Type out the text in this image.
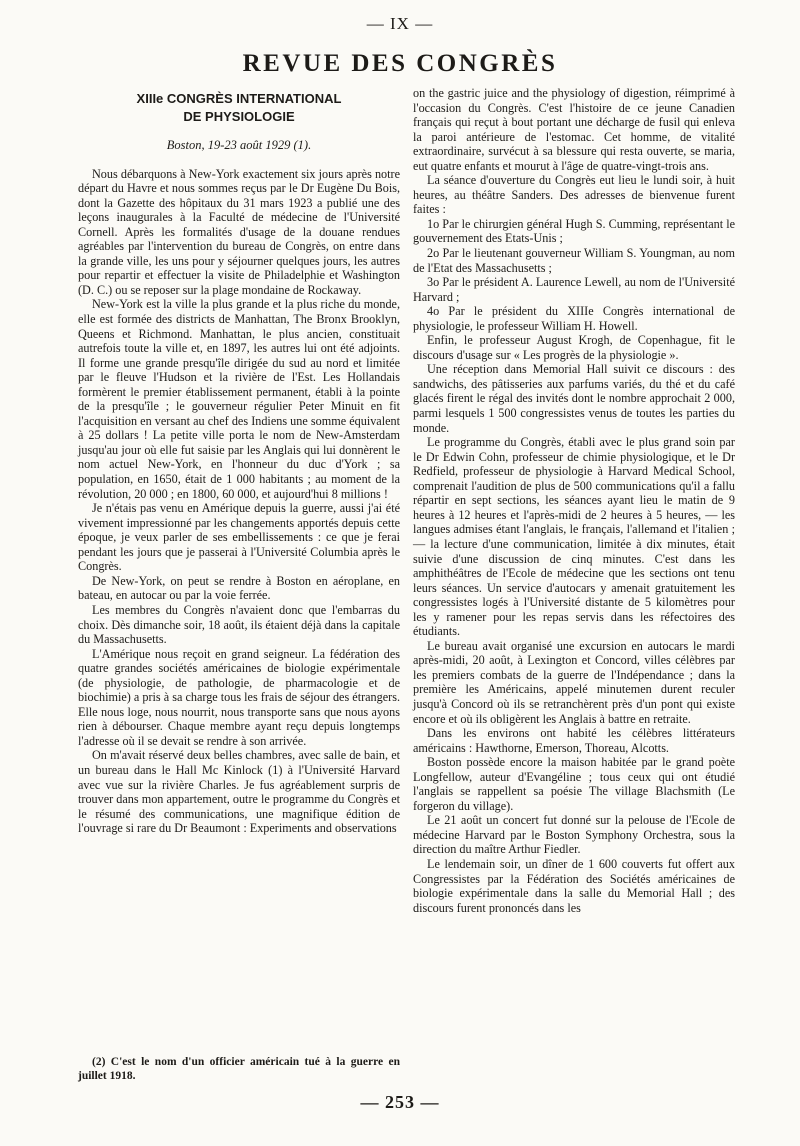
— IX —
REVUE DES CONGRÈS
XIIIe CONGRÈS INTERNATIONAL
DE PHYSIOLOGIE
Boston, 19-23 août 1929 (1).

Nous débarquons à New-York exactement six jours après notre départ du Havre et nous sommes reçus par le Dr Eugène Du Bois, dont la Gazette des hôpitaux du 31 mars 1923 a publié une des leçons inaugurales à la Faculté de médecine de l'Université Cornell. Après les formalités d'usage de la douane rendues agréables par l'intervention du bureau de Congrès, on entre dans la grande ville, les uns pour y séjourner quelques jours, les autres pour repartir et effectuer la visite de Philadelphie et Washington (D. C.) ou se reposer sur la plage mondaine de Rockaway.

New-York est la ville la plus grande et la plus riche du monde, elle est formée des districts de Manhattan, The Bronx Brooklyn, Queens et Richmond. Manhattan, le plus ancien, constituait autrefois toute la ville et, en 1897, les autres lui ont été adjoints. Il forme une grande presqu'île dirigée du sud au nord et limitée par le fleuve l'Hudson et la rivière de l'Est. Les Hollandais formèrent le premier établissement permanent, établi à la pointe de la presqu'île ; le gouverneur régulier Peter Minuit en fit l'acquisition en versant au chef des Indiens une somme équivalent à 25 dollars ! La petite ville porta le nom de New-Amsterdam jusqu'au jour où elle fut saisie par les Anglais qui lui donnèrent le nom actuel New-York, en l'honneur du duc d'York ; sa population, en 1650, était de 1 000 habitants ; au moment de la révolution, 20 000 ; en 1800, 60 000, et aujourd'hui 8 millions !

Je n'étais pas venu en Amérique depuis la guerre, aussi j'ai été vivement impressionné par les changements apportés depuis cette époque, je veux parler de ses embellissements : ce que je ferai pendant les jours que je passerai à l'Université Columbia après le Congrès.

De New-York, on peut se rendre à Boston en aéroplane, en bateau, en autocar ou par la voie ferrée.

Les membres du Congrès n'avaient donc que l'embarras du choix. Dès dimanche soir, 18 août, ils étaient déjà dans la capitale du Massachusetts.

L'Amérique nous reçoit en grand seigneur. La fédération des quatre grandes sociétés américaines de biologie expérimentale (de physiologie, de pathologie, de pharmacologie et de biochimie) a pris à sa charge tous les frais de séjour des étrangers. Elle nous loge, nous nourrit, nous transporte sans que nous ayons rien à débourser. Chaque membre ayant reçu depuis longtemps l'adresse où il se devait se rendre à son arrivée.

On m'avait réservé deux belles chambres, avec salle de bain, et un bureau dans le Hall Mc Kinlock (1) à l'Université Harvard avec vue sur la rivière Charles. Je fus agréablement surpris de trouver dans mon appartement, outre le programme du Congrès et le résumé des communications, une magnifique édition de l'ouvrage si rare du Dr Beaumont : Experiments and observations

(2) C'est le nom d'un officier américain tué à la guerre en juillet 1918.

on the gastric juice and the physiology of digestion, réimprimé à l'occasion du Congrès. C'est l'histoire de ce jeune Canadien français qui reçut à bout portant une décharge de fusil qui enleva la paroi antérieure de l'estomac. Cet homme, de vitalité extraordinaire, survécut à sa blessure qui resta ouverte, se maria, eut quatre enfants et mourut à l'âge de quatre-vingt-trois ans.

La séance d'ouverture du Congrès eut lieu le lundi soir, à huit heures, au théâtre Sanders. Des adresses de bienvenue furent faites :

1o Par le chirurgien général Hugh S. Cumming, représentant le gouvernement des Etats-Unis ;

2o Par le lieutenant gouverneur William S. Youngman, au nom de l'Etat des Massachusetts ;

3o Par le président A. Laurence Lewell, au nom de l'Université Harvard ;

4o Par le président du XIIIe Congrès international de physiologie, le professeur William H. Howell.

Enfin, le professeur August Krogh, de Copenhague, fit le discours d'usage sur « Les progrès de la physiologie ».

Une réception dans Memorial Hall suivit ce discours : des sandwichs, des pâtisseries aux parfums variés, du thé et du café glacés firent le régal des invités dont le nombre approchait 2 000, parmi lesquels 1 500 congressistes venus de toutes les parties du monde.

Le programme du Congrès, établi avec le plus grand soin par le Dr Edwin Cohn, professeur de chimie physiologique, et le Dr Redfield, professeur de physiologie à Harvard Medical School, comprenait l'audition de plus de 500 communications qu'il a fallu répartir en sept sections, les séances ayant lieu le matin de 9 heures à 12 heures et l'après-midi de 2 heures à 5 heures, — les langues admises étant l'anglais, le français, l'allemand et l'italien ; — la lecture d'une communication, limitée à dix minutes, était suivie d'une discussion de cinq minutes. C'est dans les amphithéâtres de l'Ecole de médecine que les sections ont tenu leurs séances. Un service d'autocars y amenait gratuitement les congressistes logés à l'Université distante de 5 kilomètres pour les y ramener pour les repas servis dans les réfectoires des étudiants.

Le bureau avait organisé une excursion en autocars le mardi après-midi, 20 août, à Lexington et Concord, villes célèbres par les premiers combats de la guerre de l'Indépendance ; dans la première les Américains, appelé minutemen durent reculer jusqu'à Concord où ils se retranchèrent près d'un pont qui existe encore et où ils obligèrent les Anglais à battre en retraite.

Dans les environs ont habité les célèbres littérateurs américains : Hawthorne, Emerson, Thoreau, Alcotts.

Boston possède encore la maison habitée par le grand poète Longfellow, auteur d'Evangéline ; tous ceux qui ont étudié l'anglais se rappellent sa poésie The village Blachsmith (Le forgeron du village).

Le 21 août un concert fut donné sur la pelouse de l'Ecole de médecine Harvard par le Boston Symphony Orchestra, sous la direction du maître Arthur Fiedler.

Le lendemain soir, un dîner de 1 600 couverts fut offert aux Congressistes par la Fédération des Sociétés américaines de biologie expérimentale dans la salle du Memorial Hall ; des discours furent prononcés dans les

— 253 —
